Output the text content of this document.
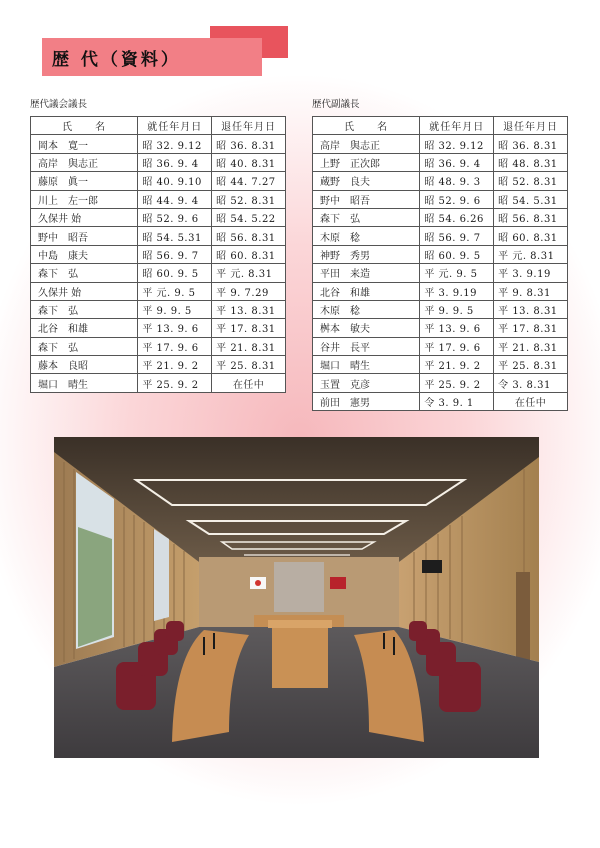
歴 代（資料）
歴代議会議長	歴代副議長
氏　　名	就任年月日	退任年月日
岡本　寛一	昭 32. 9.12	昭 36. 8.31
高岸　與志正	昭 36. 9. 4	昭 40. 8.31
藤原　眞一	昭 40. 9.10	昭 44. 7.27
川上　左一郎	昭 44. 9. 4	昭 52. 8.31
久保井 始	昭 52. 9. 6	昭 54. 5.22
野中　昭吾	昭 54. 5.31	昭 56. 8.31
中島　康夫	昭 56. 9. 7	昭 60. 8.31
森下　弘	昭 60. 9. 5	平 元. 8.31
久保井 始	平 元. 9. 5	平 9. 7.29
森下　弘	平 9. 9. 5	平 13. 8.31
北谷　和雄	平 13. 9. 6	平 17. 8.31
森下　弘	平 17. 9. 6	平 21. 8.31
藤本　良昭	平 21. 9. 2	平 25. 8.31
堀口　晴生	平 25. 9. 2	在任中
氏　　名	就任年月日	退任年月日
高岸　與志正	昭 32. 9.12	昭 36. 8.31
上野　正次郎	昭 36. 9. 4	昭 48. 8.31
蔵野　良夫	昭 48. 9. 3	昭 52. 8.31
野中　昭吾	昭 52. 9. 6	昭 54. 5.31
森下　弘	昭 54. 6.26	昭 56. 8.31
木原　稔	昭 56. 9. 7	昭 60. 8.31
神野　秀男	昭 60. 9. 5	平 元. 8.31
平田　来造	平 元. 9. 5	平 3. 9.19
北谷　和雄	平 3. 9.19	平 9. 8.31
木原　稔	平 9. 9. 5	平 13. 8.31
桝本　敏夫	平 13. 9. 6	平 17. 8.31
谷井　長平	平 17. 9. 6	平 21. 8.31
堀口　晴生	平 21. 9. 2	平 25. 8.31
玉置　克彦	平 25. 9. 2	令 3. 8.31
前田　憲男	令 3. 9. 1	在任中
